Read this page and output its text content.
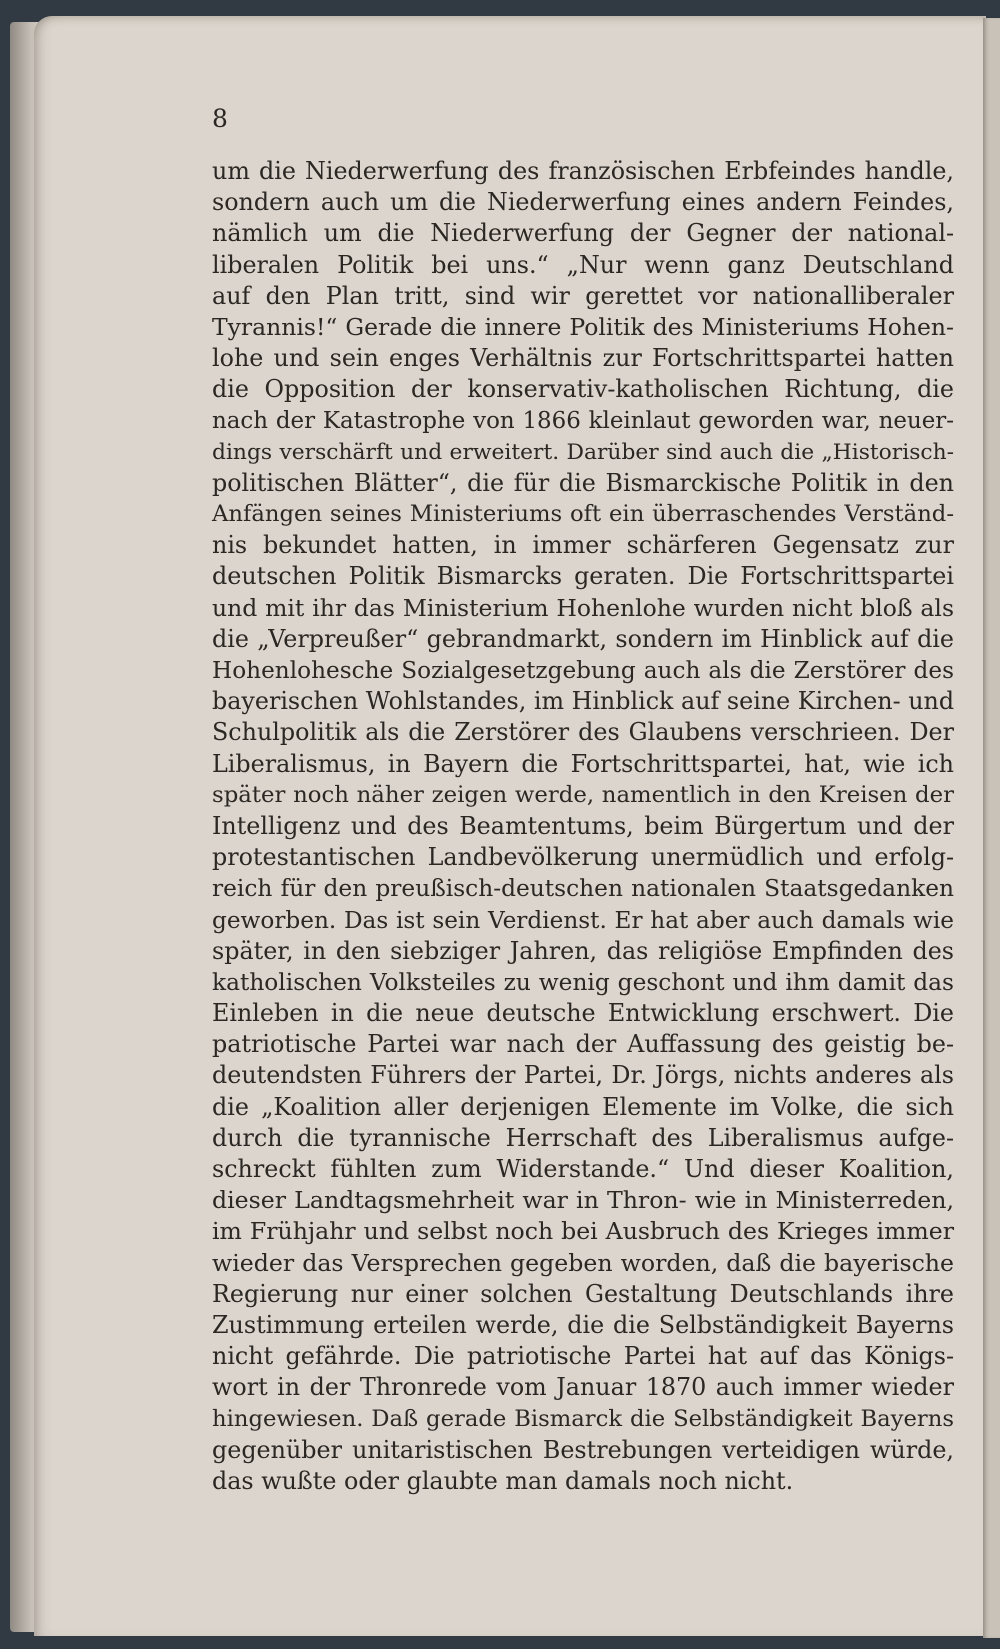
8
um die Niederwerfung des französischen Erbfeindes handle,
sondern auch um die Niederwerfung eines andern Feindes,
nämlich um die Niederwerfung der Gegner der national-
liberalen Politik bei uns.“ „Nur wenn ganz Deutschland
auf den Plan tritt, sind wir gerettet vor nationalliberaler
Tyrannis!“ Gerade die innere Politik des Ministeriums Hohen-
lohe und sein enges Verhältnis zur Fortschrittspartei hatten
die Opposition der konservativ-katholischen Richtung, die
nach der Katastrophe von 1866 kleinlaut geworden war, neuer-
dings verschärft und erweitert. Darüber sind auch die „Historisch-
politischen Blätter“, die für die Bismarckische Politik in den
Anfängen seines Ministeriums oft ein überraschendes Verständ-
nis bekundet hatten, in immer schärferen Gegensatz zur
deutschen Politik Bismarcks geraten. Die Fortschrittspartei
und mit ihr das Ministerium Hohenlohe wurden nicht bloß als
die „Verpreußer“ gebrandmarkt, sondern im Hinblick auf die
Hohenlohesche Sozialgesetzgebung auch als die Zerstörer des
bayerischen Wohlstandes, im Hinblick auf seine Kirchen- und
Schulpolitik als die Zerstörer des Glaubens verschrieen. Der
Liberalismus, in Bayern die Fortschrittspartei, hat, wie ich
später noch näher zeigen werde, namentlich in den Kreisen der
Intelligenz und des Beamtentums, beim Bürgertum und der
protestantischen Landbevölkerung unermüdlich und erfolg-
reich für den preußisch-deutschen nationalen Staatsgedanken
geworben. Das ist sein Verdienst. Er hat aber auch damals wie
später, in den siebziger Jahren, das religiöse Empfinden des
katholischen Volksteiles zu wenig geschont und ihm damit das
Einleben in die neue deutsche Entwicklung erschwert. Die
patriotische Partei war nach der Auffassung des geistig be-
deutendsten Führers der Partei, Dr. Jörgs, nichts anderes als
die „Koalition aller derjenigen Elemente im Volke, die sich
durch die tyrannische Herrschaft des Liberalismus aufge-
schreckt fühlten zum Widerstande.“ Und dieser Koalition,
dieser Landtagsmehrheit war in Thron- wie in Ministerreden,
im Frühjahr und selbst noch bei Ausbruch des Krieges immer
wieder das Versprechen gegeben worden, daß die bayerische
Regierung nur einer solchen Gestaltung Deutschlands ihre
Zustimmung erteilen werde, die die Selbständigkeit Bayerns
nicht gefährde. Die patriotische Partei hat auf das Königs-
wort in der Thronrede vom Januar 1870 auch immer wieder
hingewiesen. Daß gerade Bismarck die Selbständigkeit Bayerns
gegenüber unitaristischen Bestrebungen verteidigen würde,
das wußte oder glaubte man damals noch nicht.
